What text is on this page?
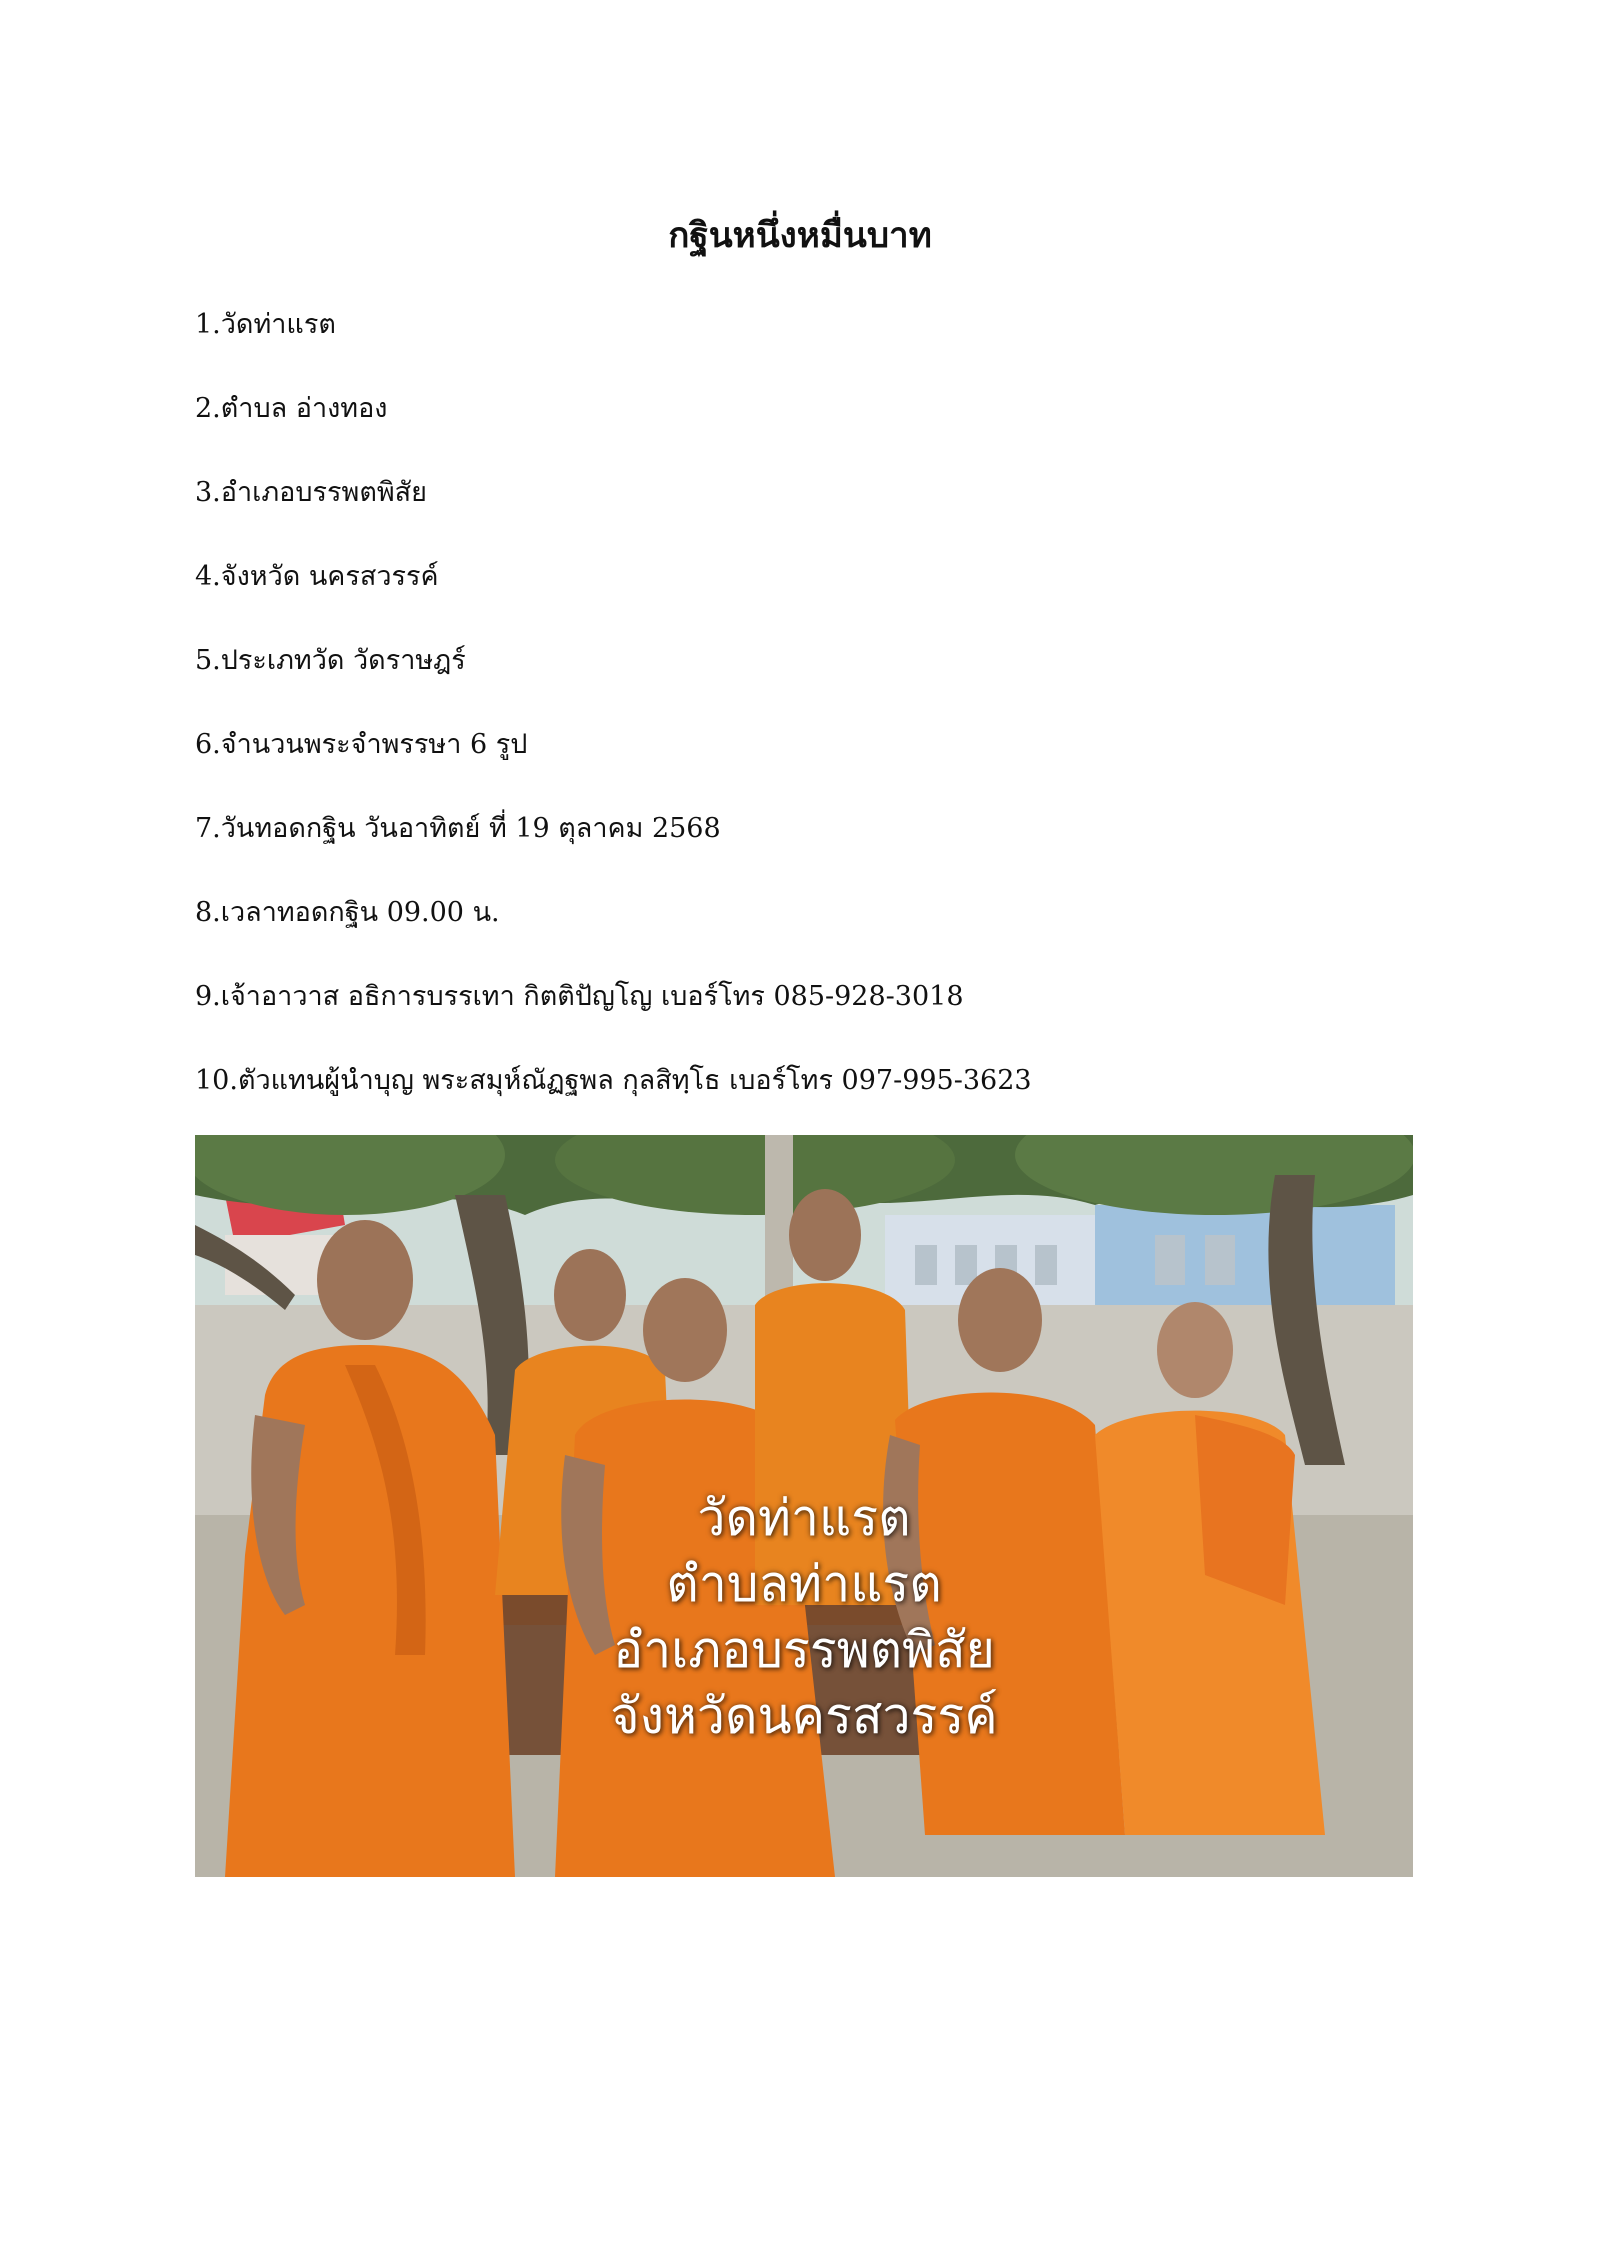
กฐินหนึ่งหมื่นบาท
1.วัดท่าแรต
2.ตำบล อ่างทอง
3.อำเภอบรรพตพิสัย
4.จังหวัด นครสวรรค์
5.ประเภทวัด วัดราษฎร์
6.จำนวนพระจำพรรษา 6 รูป
7.วันทอดกฐิน วันอาทิตย์ ที่ 19 ตุลาคม 2568
8.เวลาทอดกฐิน 09.00 น.
9.เจ้าอาวาส อธิการบรรเทา กิตติปัญโญ เบอร์โทร 085-928-3018
10.ตัวแทนผู้นำบุญ พระสมุห์ณัฏฐพล กุลสิทฺโธ เบอร์โทร 097-995-3623
วัดท่าแรต
ตำบลท่าแรต
อำเภอบรรพตพิสัย
จังหวัดนครสวรรค์
